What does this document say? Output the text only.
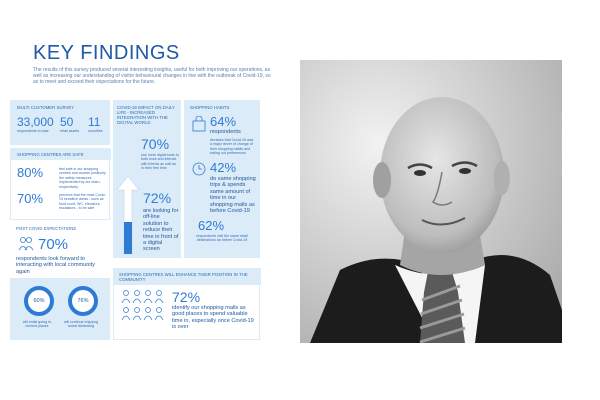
KEY FINDINGS
The results of this survey produced several interesting insights, useful for both improving our operations, as well as increasing our understanding of visitor behavioural changes in line with the outbreak of Covid-19, so as to meet and exceed their expectations for the future.
MULTI CUSTOMER SURVEY
33,000
respondents in total
50
retail assets
11
countries
SHOPPING CENTRES ARE SAFE
80%	feel safe in our shopping centres and access positively the safety measures implemented by our team, respectively
70%	perceive that the most Covid-19 sensitive areas - such as food court, WC, elevators, escalators - to be safe
POST COVID EXPECTATIONS
70%
respondents look forward to interacting with local community again
60%	76%
will enlist going to cinema places
will continue enjoying social distancing
COVID-19 IMPACT ON DAILY LIFE - INCREASED INTEGRATION WITH THE DIGITAL WORLD
70%
use more digital tools to both work and interact with friends as well as in their free time
72%
are looking for off-line solution to reduce their time in front of a digital screen
SHOPPING HABITS
64%
respondents
declares that Covid-19 was a major driver of change of their shopping habits and eating out preferences
42%
do same shopping trips & spends same amount of time in our shopping malls as before Covid-19
62%
respondents visit the same retail destinations as before Covid-19
SHOPPING CENTRES WILL ENHANCE THEIR POSITION IN THE COMMUNITY
72%
identify our shopping malls as good places to spend valuable time in, especially once Covid-19 is over
